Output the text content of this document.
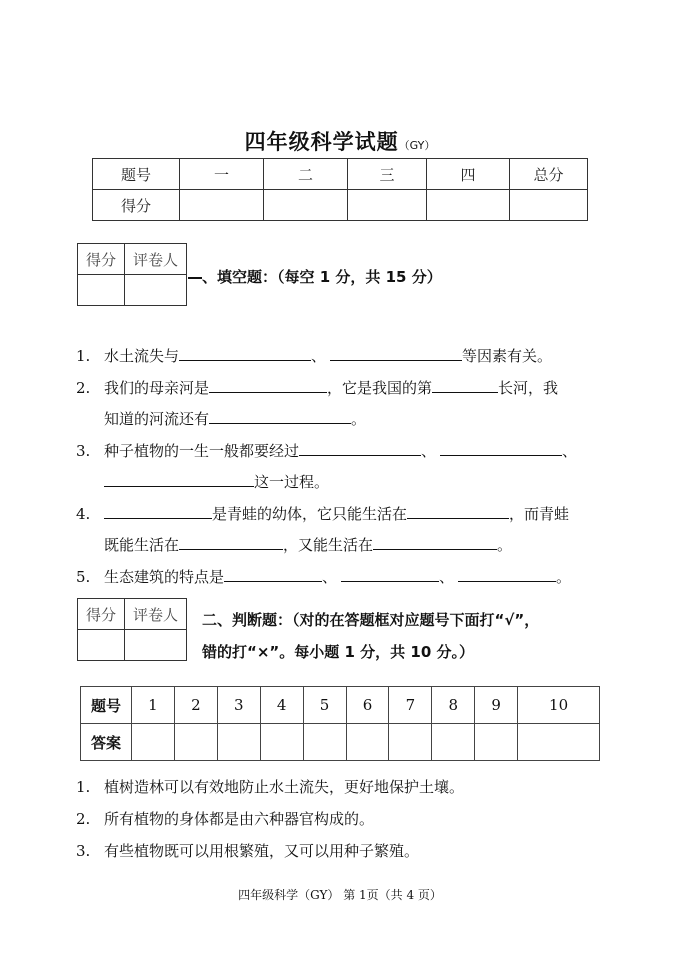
四年级科学试题（GY）
题号	一	二	三	四	总分
得分					
得分	评卷人

、填空题：（每空 1 分，共 15 分）
1. 水土流失与	、	等因素有关。
2. 我们的母亲河是	，它是我国的第	长河，我
知道的河流还有	。
3. 种子植物的一生一般都要经过	、	、
这一过程。
4.	是青蛙的幼体，它只能生活在	，而青蛙
既能生活在	，又能生活在	。
5. 生态建筑的特点是	、	、	。
得分	评卷人
	二、判断题：（对的在答题框对应题号下面打“√”，
错的打“×”。每小题 1 分，共 10 分。）
题号	1	2	3	4	5	6	7	8	9	10
答案										
1. 植树造林可以有效地防止水土流失，更好地保护土壤。
2. 所有植物的身体都是由六种器官构成的。
3. 有些植物既可以用根繁殖，又可以用种子繁殖。
四年级科学（GY） 第 1页（共 4 页）
